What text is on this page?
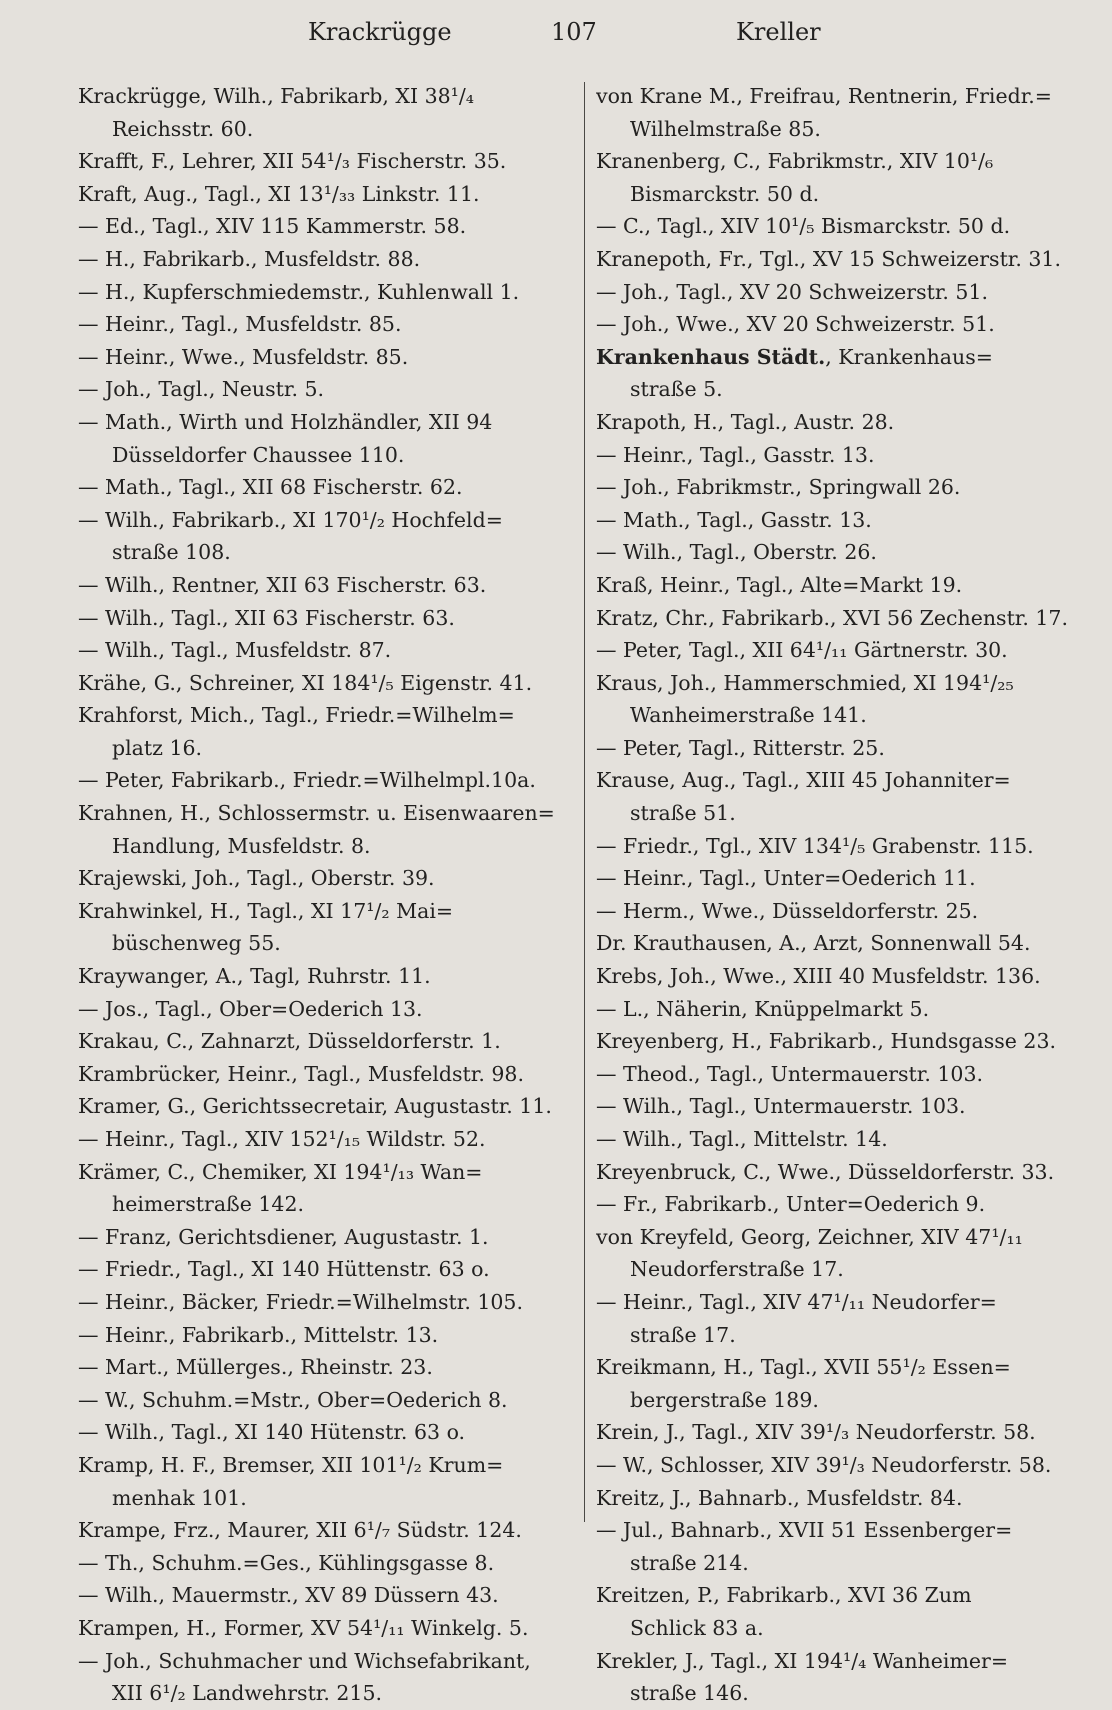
Krackrügge	107	Kreller
Krackrügge, Wilh., Fabrikarb, XI 38¹/₄
Reichsstr. 60.
Krafft, F., Lehrer, XII 54¹/₃ Fischerstr. 35.
Kraft, Aug., Tagl., XI 13¹/₃₃ Linkstr. 11.
— Ed., Tagl., XIV 115 Kammerstr. 58.
— H., Fabrikarb., Musfeldstr. 88.
— H., Kupferschmiedemstr., Kuhlenwall 1.
— Heinr., Tagl., Musfeldstr. 85.
— Heinr., Wwe., Musfeldstr. 85.
— Joh., Tagl., Neustr. 5.
— Math., Wirth und Holzhändler, XII 94
Düsseldorfer Chaussee 110.
— Math., Tagl., XII 68 Fischerstr. 62.
— Wilh., Fabrikarb., XI 170¹/₂ Hochfeld=
straße 108.
— Wilh., Rentner, XII 63 Fischerstr. 63.
— Wilh., Tagl., XII 63 Fischerstr. 63.
— Wilh., Tagl., Musfeldstr. 87.
Krähe, G., Schreiner, XI 184¹/₅ Eigenstr. 41.
Krahforst, Mich., Tagl., Friedr.=Wilhelm=
platz 16.
— Peter, Fabrikarb., Friedr.=Wilhelmpl.10a.
Krahnen, H., Schlossermstr. u. Eisenwaaren=
Handlung, Musfeldstr. 8.
Krajewski, Joh., Tagl., Oberstr. 39.
Krahwinkel, H., Tagl., XI 17¹/₂ Mai=
büschenweg 55.
Kraywanger, A., Tagl, Ruhrstr. 11.
— Jos., Tagl., Ober=Oederich 13.
Krakau, C., Zahnarzt, Düsseldorferstr. 1.
Krambrücker, Heinr., Tagl., Musfeldstr. 98.
Kramer, G., Gerichtssecretair, Augustastr. 11.
— Heinr., Tagl., XIV 152¹/₁₅ Wildstr. 52.
Krämer, C., Chemiker, XI 194¹/₁₃ Wan=
heimerstraße 142.
— Franz, Gerichtsdiener, Augustastr. 1.
— Friedr., Tagl., XI 140 Hüttenstr. 63 o.
— Heinr., Bäcker, Friedr.=Wilhelmstr. 105.
— Heinr., Fabrikarb., Mittelstr. 13.
— Mart., Müllerges., Rheinstr. 23.
— W., Schuhm.=Mstr., Ober=Oederich 8.
— Wilh., Tagl., XI 140 Hütenstr. 63 o.
Kramp, H. F., Bremser, XII 101¹/₂ Krum=
menhak 101.
Krampe, Frz., Maurer, XII 6¹/₇ Südstr. 124.
— Th., Schuhm.=Ges., Kühlingsgasse 8.
— Wilh., Mauermstr., XV 89 Düssern 43.
Krampen, H., Former, XV 54¹/₁₁ Winkelg. 5.
— Joh., Schuhmacher und Wichsefabrikant,
XII 6¹/₂ Landwehrstr. 215.
von Krane M., Freifrau, Rentnerin, Friedr.=
Wilhelmstraße 85.
Kranenberg, C., Fabrikmstr., XIV 10¹/₆
Bismarckstr. 50 d.
— C., Tagl., XIV 10¹/₅ Bismarckstr. 50 d.
Kranepoth, Fr., Tgl., XV 15 Schweizerstr. 31.
— Joh., Tagl., XV 20 Schweizerstr. 51.
— Joh., Wwe., XV 20 Schweizerstr. 51.
Krankenhaus Städt., Krankenhaus=
straße 5.
Krapoth, H., Tagl., Austr. 28.
— Heinr., Tagl., Gasstr. 13.
— Joh., Fabrikmstr., Springwall 26.
— Math., Tagl., Gasstr. 13.
— Wilh., Tagl., Oberstr. 26.
Kraß, Heinr., Tagl., Alte=Markt 19.
Kratz, Chr., Fabrikarb., XVI 56 Zechenstr. 17.
— Peter, Tagl., XII 64¹/₁₁ Gärtnerstr. 30.
Kraus, Joh., Hammerschmied, XI 194¹/₂₅
Wanheimerstraße 141.
— Peter, Tagl., Ritterstr. 25.
Krause, Aug., Tagl., XIII 45 Johanniter=
straße 51.
— Friedr., Tgl., XIV 134¹/₅ Grabenstr. 115.
— Heinr., Tagl., Unter=Oederich 11.
— Herm., Wwe., Düsseldorferstr. 25.
Dr. Krauthausen, A., Arzt, Sonnenwall 54.
Krebs, Joh., Wwe., XIII 40 Musfeldstr. 136.
— L., Näherin, Knüppelmarkt 5.
Kreyenberg, H., Fabrikarb., Hundsgasse 23.
— Theod., Tagl., Untermauerstr. 103.
— Wilh., Tagl., Untermauerstr. 103.
— Wilh., Tagl., Mittelstr. 14.
Kreyenbruck, C., Wwe., Düsseldorferstr. 33.
— Fr., Fabrikarb., Unter=Oederich 9.
von Kreyfeld, Georg, Zeichner, XIV 47¹/₁₁
Neudorferstraße 17.
— Heinr., Tagl., XIV 47¹/₁₁ Neudorfer=
straße 17.
Kreikmann, H., Tagl., XVII 55¹/₂ Essen=
bergerstraße 189.
Krein, J., Tagl., XIV 39¹/₃ Neudorferstr. 58.
— W., Schlosser, XIV 39¹/₃ Neudorferstr. 58.
Kreitz, J., Bahnarb., Musfeldstr. 84.
— Jul., Bahnarb., XVII 51 Essenberger=
straße 214.
Kreitzen, P., Fabrikarb., XVI 36 Zum
Schlick 83 a.
Krekler, J., Tagl., XI 194¹/₄ Wanheimer=
straße 146.
